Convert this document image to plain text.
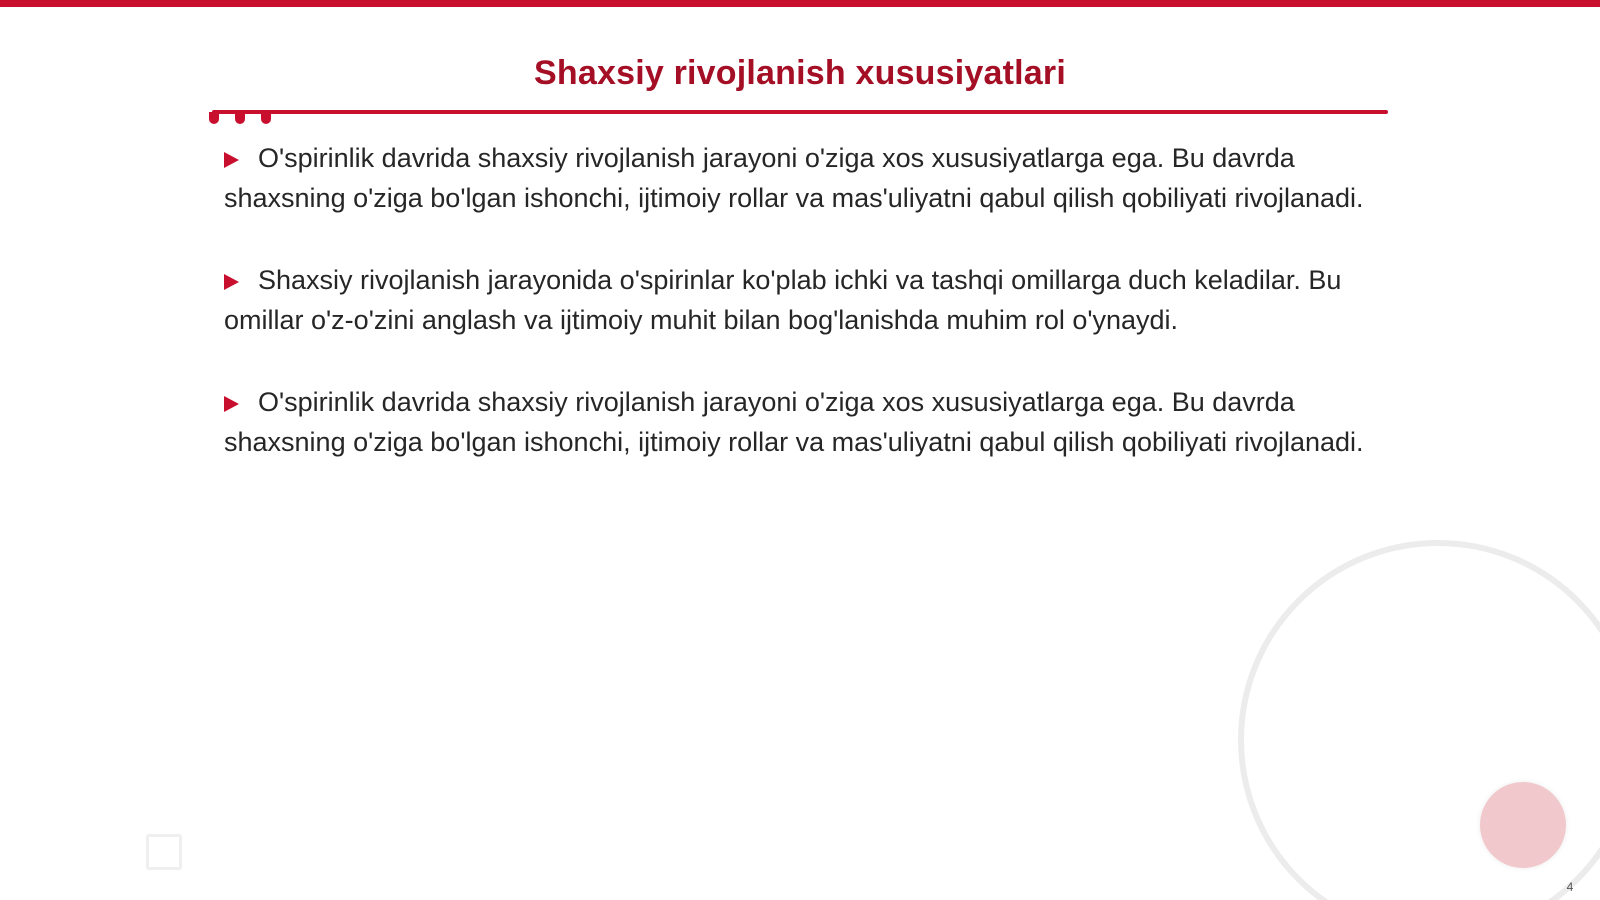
Shaxsiy rivojlanish xususiyatlari
O'spirinlik davrida shaxsiy rivojlanish jarayoni o'ziga xos xususiyatlarga ega. Bu davrda shaxsning o'ziga bo'lgan ishonchi, ijtimoiy rollar va mas'uliyatni qabul qilish qobiliyati rivojlanadi.
Shaxsiy rivojlanish jarayonida o'spirinlar ko'plab ichki va tashqi omillarga duch keladilar. Bu omillar o'z-o'zini anglash va ijtimoiy muhit bilan bog'lanishda muhim rol o'ynaydi.
O'spirinlik davrida shaxsiy rivojlanish jarayoni o'ziga xos xususiyatlarga ega. Bu davrda shaxsning o'ziga bo'lgan ishonchi, ijtimoiy rollar va mas'uliyatni qabul qilish qobiliyati rivojlanadi.
4
